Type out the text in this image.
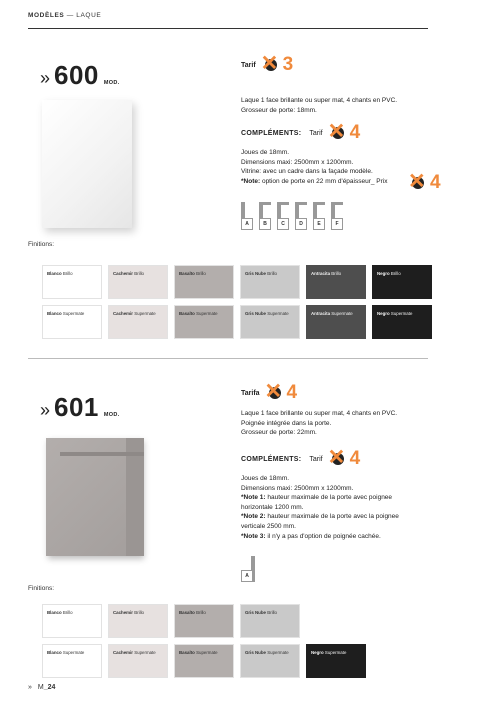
MODÈLES — LAQUE
» 600 MOD.
Tarif ✕ 3
Laque 1 face brillante ou super mat, 4 chants en PVC.
Grosseur de porte: 18mm.
COMPLÉMENTS: Tarif ✕ 4
Joues de 18mm.
Dimensions maxi: 2500mm x 1200mm.
Vitrine: avec un cadre dans la façade modèle.
*Note: option de porte en 22 mm d'épaisseur_ Prix ✕ 4
A	B	C	D	E	F
Finitions:
Blanco Brillo	Cachemir Brillo	Basalto Brillo	Gris Nube Brillo	Antracita Brillo	Negro Brillo
Blanco Supermate	Cachemir Supermate	Basalto Supermate	Gris Nube Supermate	Antracita Supermate	Negro Supermate
» 601 MOD.
Tarifa ✕ 4
Laque 1 face brillante ou super mat, 4 chants en PVC.
Poignée intégrée dans la porte.
Grosseur de porte: 22mm.
COMPLÉMENTS: Tarif ✕ 4
Joues de 18mm.
Dimensions maxi: 2500mm x 1200mm.
*Note 1: hauteur maximale de la porte avec poignee
horizontale 1200 mm.
*Note 2: hauteur maximale de la porte avec la poignee
verticale 2500 mm.
*Note 3: il n'y a pas d'option de poignée cachée.
A
Finitions:
Blanco Brillo	Cachemir Brillo	Basalto Brillo	Gris Nube Brillo
Blanco Supermate	Cachemir Supermate	Basalto Supermate	Gris Nube Supermate	Negro Supermate
» M_24
